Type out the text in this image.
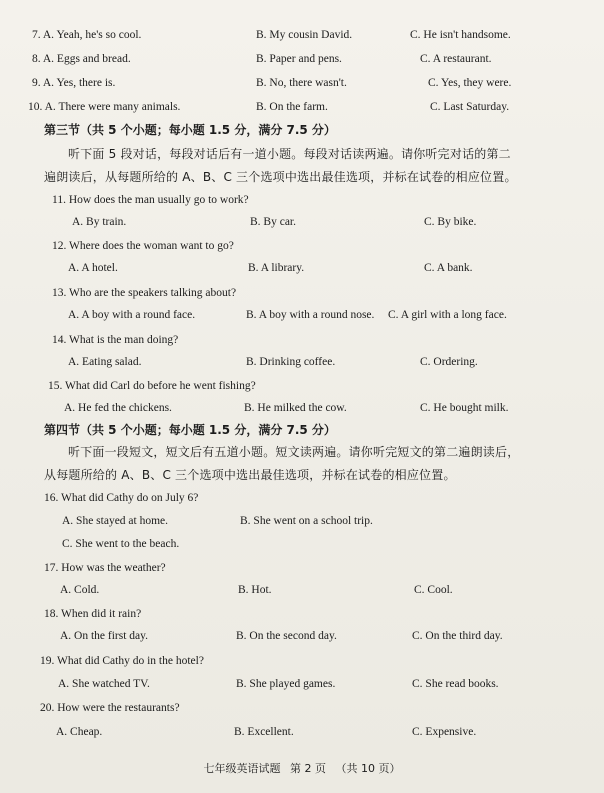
7. A. Yeah, he's so cool.	B. My cousin David.	C. He isn't handsome.
8. A. Eggs and bread.	B. Paper and pens.	C. A restaurant.
9. A. Yes, there is.	B. No, there wasn't.	C. Yes, they were.
10. A. There were many animals.	B. On the farm.	C. Last Saturday.
第三节（共 5 个小题；每小题 1.5 分，满分 7.5 分）
听下面 5 段对话，每段对话后有一道小题。每段对话读两遍。请你听完对话的第二
遍朗读后，从每题所给的 A、B、C 三个选项中选出最佳选项，并标在试卷的相应位置。
11. How does the man usually go to work?
A. By train.	B. By car.	C. By bike.
12. Where does the woman want to go?
A. A hotel.	B. A library.	C. A bank.
13. Who are the speakers talking about?
A. A boy with a round face.	B. A boy with a round nose. C. A girl with a long face.
14. What is the man doing?
A. Eating salad.	B. Drinking coffee.	C. Ordering.
15. What did Carl do before he went fishing?
A. He fed the chickens.	B. He milked the cow.	C. He bought milk.
第四节（共 5 个小题；每小题 1.5 分，满分 7.5 分）
听下面一段短文，短文后有五道小题。短文读两遍。请你听完短文的第二遍朗读后，
从每题所给的 A、B、C 三个选项中选出最佳选项，并标在试卷的相应位置。
16. What did Cathy do on July 6?
A. She stayed at home.	B. She went on a school trip.
C. She went to the beach.
17. How was the weather?
A. Cold.	B. Hot.	C. Cool.
18. When did it rain?
A. On the first day.	B. On the second day.	C. On the third day.
19. What did Cathy do in the hotel?
A. She watched TV.	B. She played games.	C. She read books.
20. How were the restaurants?
A. Cheap.	B. Excellent.	C. Expensive.
七年级英语试题 第 2 页 （共 10 页）
